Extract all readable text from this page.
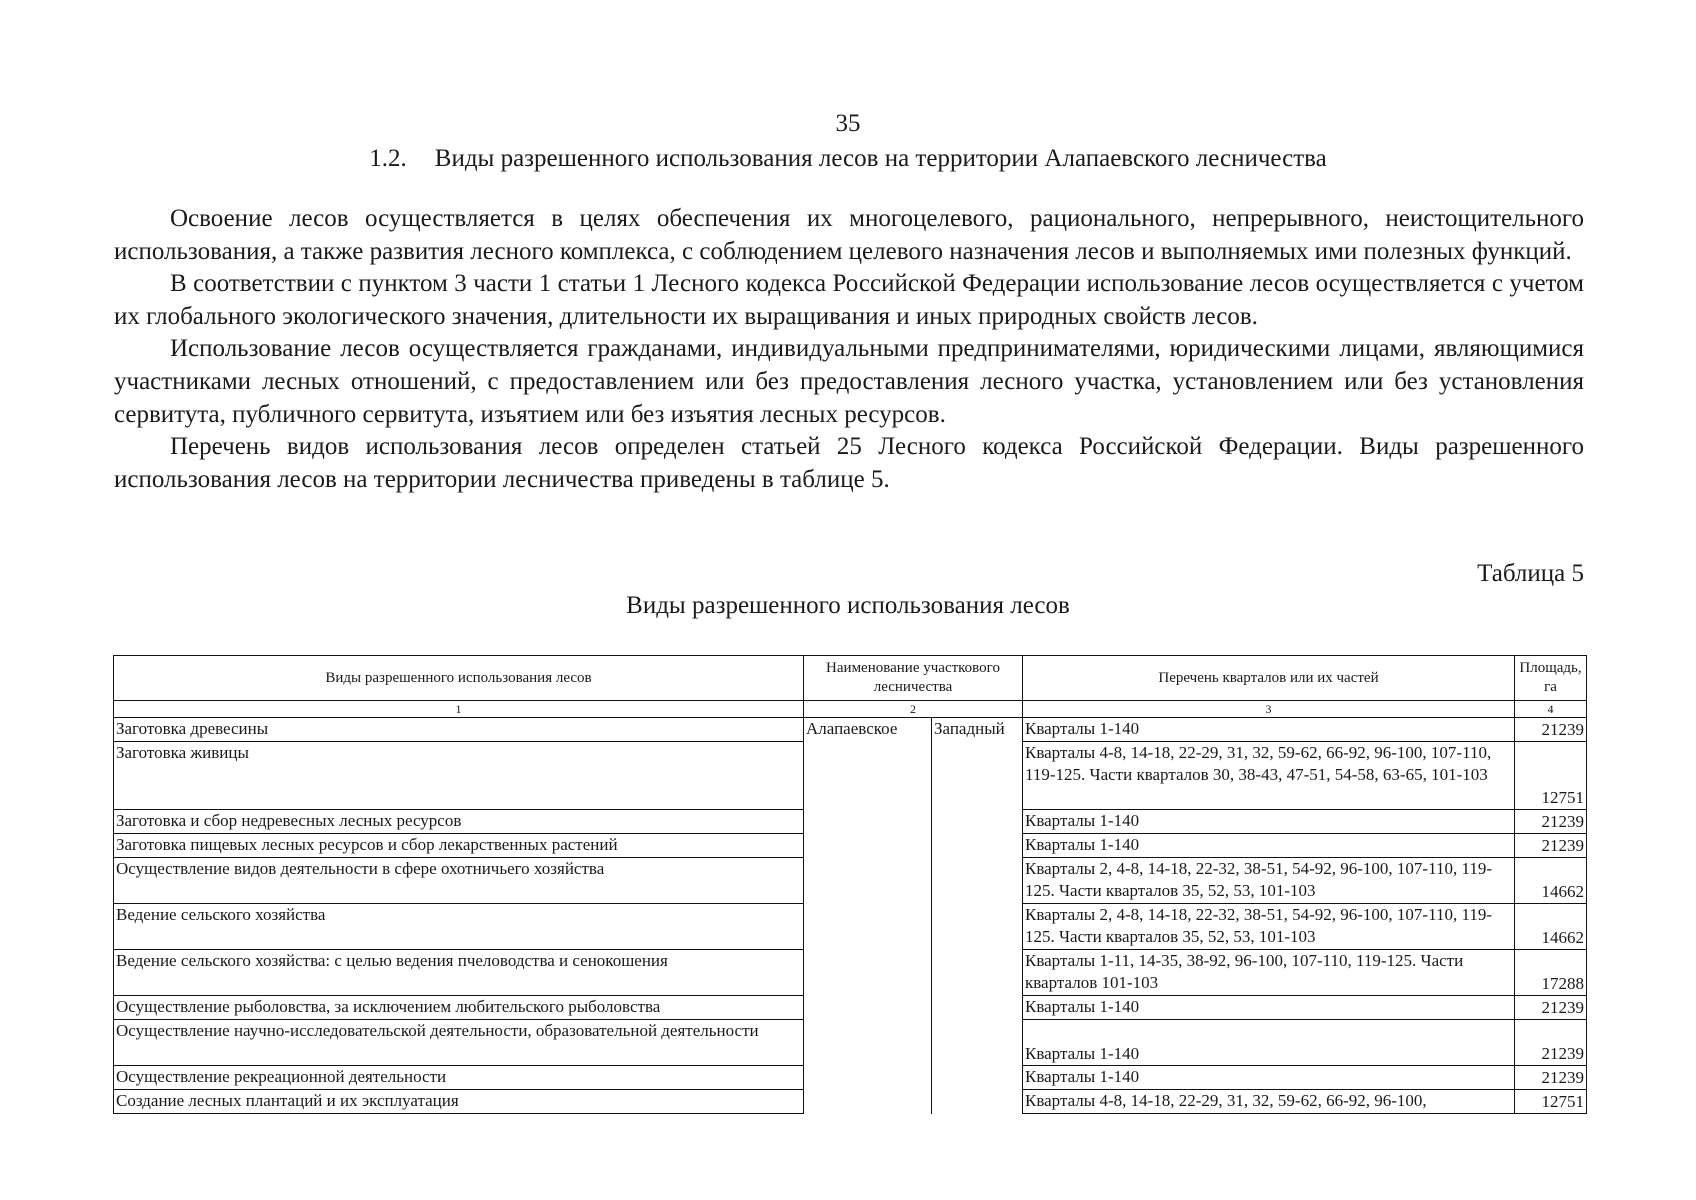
35
1.2. Виды разрешенного использования лесов на территории Алапаевского лесничества

Освоение лесов осуществляется в целях обеспечения их многоцелевого, рационального, непрерывного, неистощительного использования, а также развития лесного комплекса, с соблюдением целевого назначения лесов и выполняемых ими полезных функций.

В соответствии с пунктом 3 части 1 статьи 1 Лесного кодекса Российской Федерации использование лесов осуществляется с учетом их глобального экологического значения, длительности их выращивания и иных природных свойств лесов.

Использование лесов осуществляется гражданами, индивидуальными предпринимателями, юридическими лицами, являющимися участниками лесных отношений, с предоставлением или без предоставления лесного участка, установлением или без установления сервитута, публичного сервитута, изъятием или без изъятия лесных ресурсов.

Перечень видов использования лесов определен статьей 25 Лесного кодекса Российской Федерации. Виды разрешенного использования лесов на территории лесничества приведены в таблице 5.

Таблица 5
Виды разрешенного использования лесов
Виды разрешенного использования лесов	Наименование участкового лесничества		Перечень кварталов или их частей	Площадь, га
1	2		3	4
Заготовка древесины	Алапаевское	Западный	Кварталы 1-140	21239
Заготовка живицы			Кварталы 4-8, 14-18, 22-29, 31, 32, 59-62, 66-92, 96-100, 107-110, 119-125. Части кварталов 30, 38-43, 47-51, 54-58, 63-65, 101-103	12751
Заготовка и сбор недревесных лесных ресурсов			Кварталы 1-140	21239
Заготовка пищевых лесных ресурсов и сбор лекарственных растений			Кварталы 1-140	21239
Осуществление видов деятельности в сфере охотничьего хозяйства			Кварталы 2, 4-8, 14-18, 22-32, 38-51, 54-92, 96-100, 107-110, 119-125. Части кварталов 35, 52, 53, 101-103	14662
Ведение сельского хозяйства			Кварталы 2, 4-8, 14-18, 22-32, 38-51, 54-92, 96-100, 107-110, 119-125. Части кварталов 35, 52, 53, 101-103	14662
Ведение сельского хозяйства: с целью ведения пчеловодства и сенокошения			Кварталы 1-11, 14-35, 38-92, 96-100, 107-110, 119-125. Части кварталов 101-103	17288
Осуществление рыболовства, за исключением любительского рыболовства			Кварталы 1-140	21239
Осуществление научно-исследовательской деятельности, образовательной деятельности			Кварталы 1-140	21239
Осуществление рекреационной деятельности			Кварталы 1-140	21239
Создание лесных плантаций и их эксплуатация			Кварталы 4-8, 14-18, 22-29, 31, 32, 59-62, 66-92, 96-100,	12751
